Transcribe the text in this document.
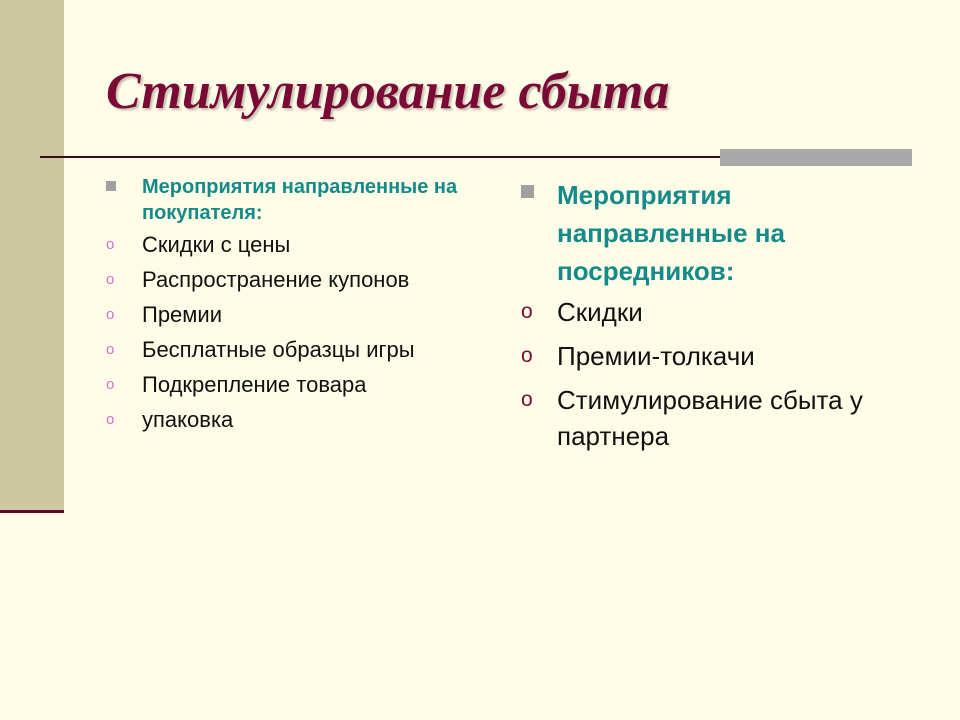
Стимулирование сбыта
Мероприятия направленные на покупателя:
o	Скидки с цены
o	Распространение купонов
o	Премии
o	Бесплатные образцы игры
o	Подкрепление товара
o	упаковка
Мероприятия направленные на посредников:
o Скидки
o Премии-толкачи
o Стимулирование сбыта у партнера
